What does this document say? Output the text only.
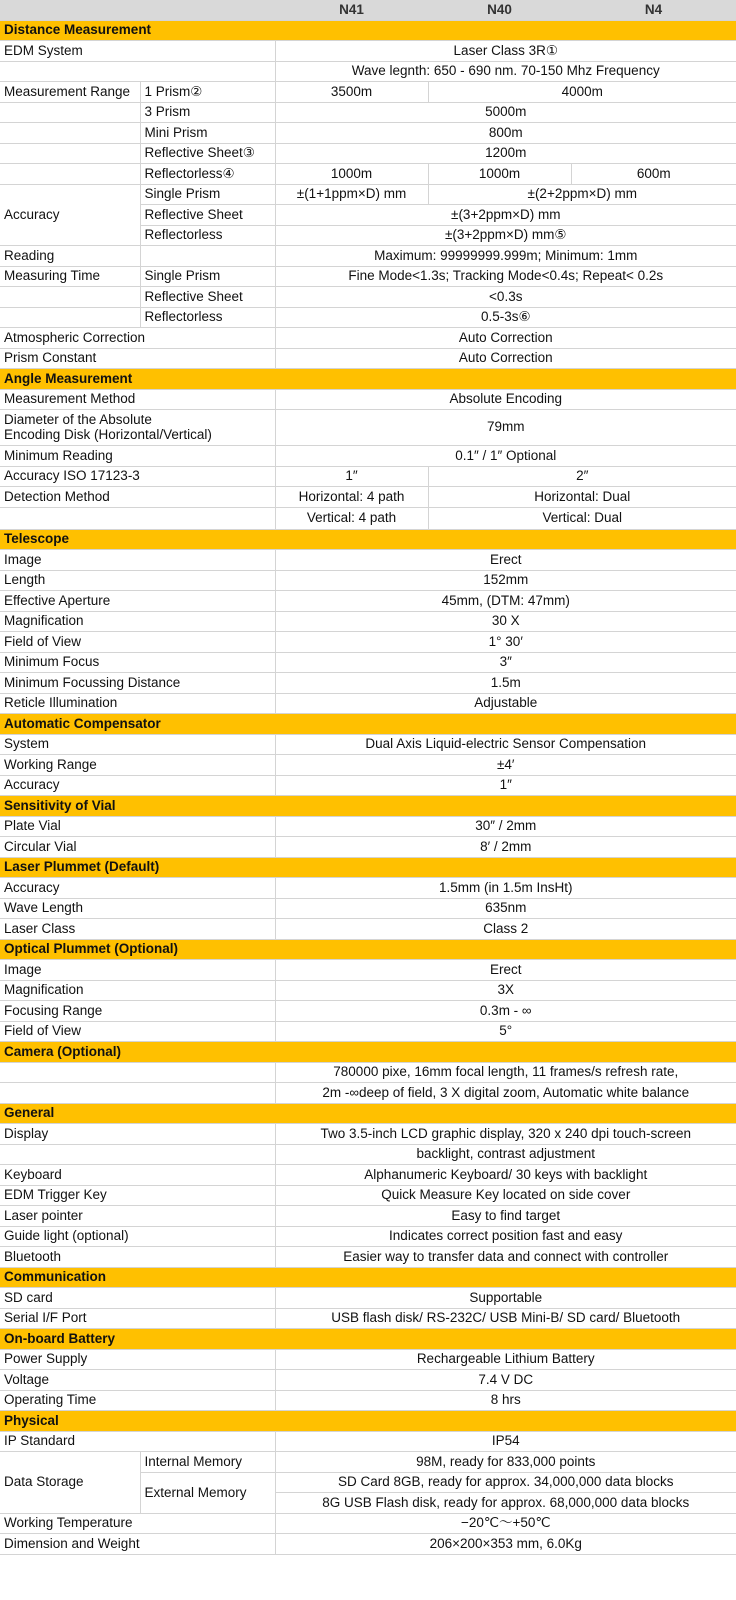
		N41	N40	N4
Distance Measurement				
EDM System		Laser Class 3R①		
		Wave legnth: 650 - 690 nm. 70-150 Mhz Frequency		
Measurement Range	1 Prism②	3500m	4000m	
	3 Prism	5000m		
	Mini Prism	800m		
	Reflective Sheet③	1200m		
	Reflectorless④	1000m	1000m	600m
Accuracy	Single Prism	±(1+1ppm×D) mm	±(2+2ppm×D) mm	
	Reflective Sheet	±(3+2ppm×D) mm		
	Reflectorless	±(3+2ppm×D) mm⑤		
Reading		Maximum: 99999999.999m; Minimum: 1mm		
Measuring Time	Single Prism	Fine Mode<1.3s; Tracking Mode<0.4s; Repeat< 0.2s		
	Reflective Sheet	<0.3s		
	Reflectorless	0.5-3s⑥		
Atmospheric Correction		Auto Correction		
Prism Constant		Auto Correction		
Angle Measurement				
Measurement Method		Absolute Encoding		

Diameter of the Absolute
Encoding Disk (Horizontal/Vertical)		79mm		
Minimum Reading		0.1″ / 1″ Optional		
Accuracy ISO 17123-3		1″	2″	
Detection Method		Horizontal: 4 path	Horizontal: Dual	
		Vertical: 4 path	Vertical: Dual	
Telescope				
Image		Erect		
Length		152mm		
Effective Aperture		45mm, (DTM: 47mm)		
Magnification		30 X		
Field of View		1° 30′		
Minimum Focus		3″		
Minimum Focussing Distance		1.5m		
Reticle Illumination		Adjustable		
Automatic Compensator				
System		Dual Axis Liquid-electric Sensor Compensation		
Working Range		±4′		
Accuracy		1″		
Sensitivity of Vial				
Plate Vial		30″ / 2mm		
Circular Vial		8′ / 2mm		
Laser Plummet (Default)				
Accuracy		1.5mm (in 1.5m InsHt)		
Wave Length		635nm		
Laser Class		Class 2		
Optical Plummet (Optional)				
Image		Erect		
Magnification		3X		
Focusing Range		0.3m - ∞		
Field of View		5°		
Camera (Optional)				
		780000 pixe, 16mm focal length, 11 frames/s refresh rate,		
		2m -∞deep of field, 3 X digital zoom, Automatic white balance		
General				
Display		Two 3.5-inch LCD graphic display, 320 x 240 dpi touch-screen		
		backlight, contrast adjustment		
Keyboard		Alphanumeric Keyboard/ 30 keys with backlight		
EDM Trigger Key		Quick Measure Key located on side cover		
Laser pointer		Easy to find target		
Guide light (optional)		Indicates correct position fast and easy		
Bluetooth		Easier way to transfer data and connect with controller		
Communication				
SD card		Supportable		
Serial I/F Port		USB flash disk/ RS-232C/ USB Mini-B/ SD card/ Bluetooth		
On-board Battery				
Power Supply		Rechargeable Lithium Battery		
Voltage		7.4 V DC		
Operating Time		8 hrs		
Physical				
IP Standard		IP54		
Data Storage	Internal Memory	98M, ready for 833,000 points		
	External Memory	SD Card 8GB, ready for approx. 34,000,000 data blocks		
		8G USB Flash disk, ready for approx. 68,000,000 data blocks		
Working Temperature		−20℃～+50℃		
Dimension and Weight		206×200×353 mm, 6.0Kg		
